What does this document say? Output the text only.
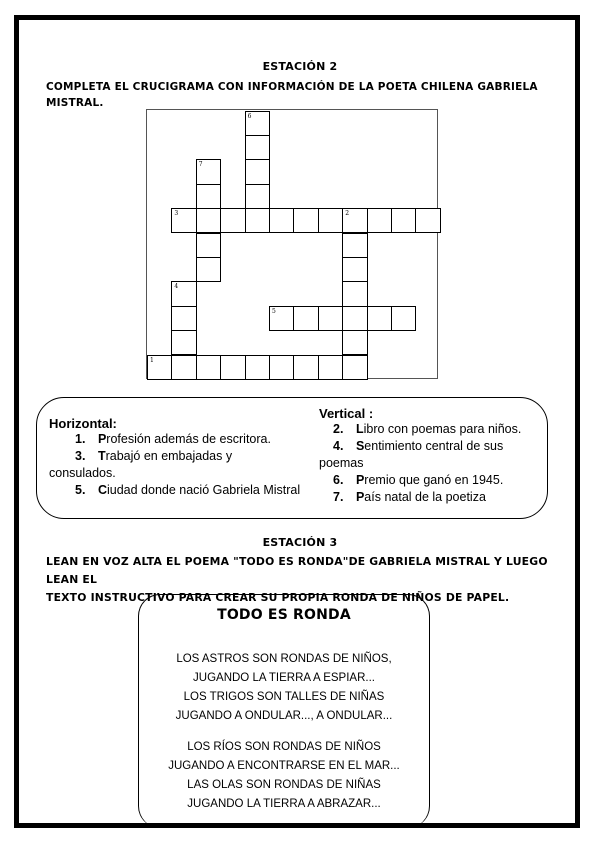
ESTACIÓN 2
COMPLETA EL CRUCIGRAMA CON INFORMACIÓN DE LA POETA CHILENA GABRIELA MISTRAL.
6
7
3	2
4
5
1
Horizontal:
1. Profesión además de escritora.
3. Trabajó en embajadas y
consulados.
5. Ciudad donde nació Gabriela Mistral
Vertical :
2. Libro con poemas para niños.
4. Sentimiento central de sus
poemas
6. Premio que ganó en 1945.
7. País natal de la poetiza
ESTACIÓN 3
LEAN EN VOZ ALTA EL POEMA "TODO ES RONDA"DE GABRIELA MISTRAL Y LUEGO LEAN EL
TEXTO INSTRUCTIVO PARA CREAR SU PROPIA RONDA DE NIÑOS DE PAPEL.
TODO ES RONDA
LOS ASTROS SON RONDAS DE NIÑOS,
JUGANDO LA TIERRA A ESPIAR...
LOS TRIGOS SON TALLES DE NIÑAS
JUGANDO A ONDULAR..., A ONDULAR...
LOS RÍOS SON RONDAS DE NIÑOS
JUGANDO A ENCONTRARSE EN EL MAR...
LAS OLAS SON RONDAS DE NIÑAS
JUGANDO LA TIERRA A ABRAZAR...
